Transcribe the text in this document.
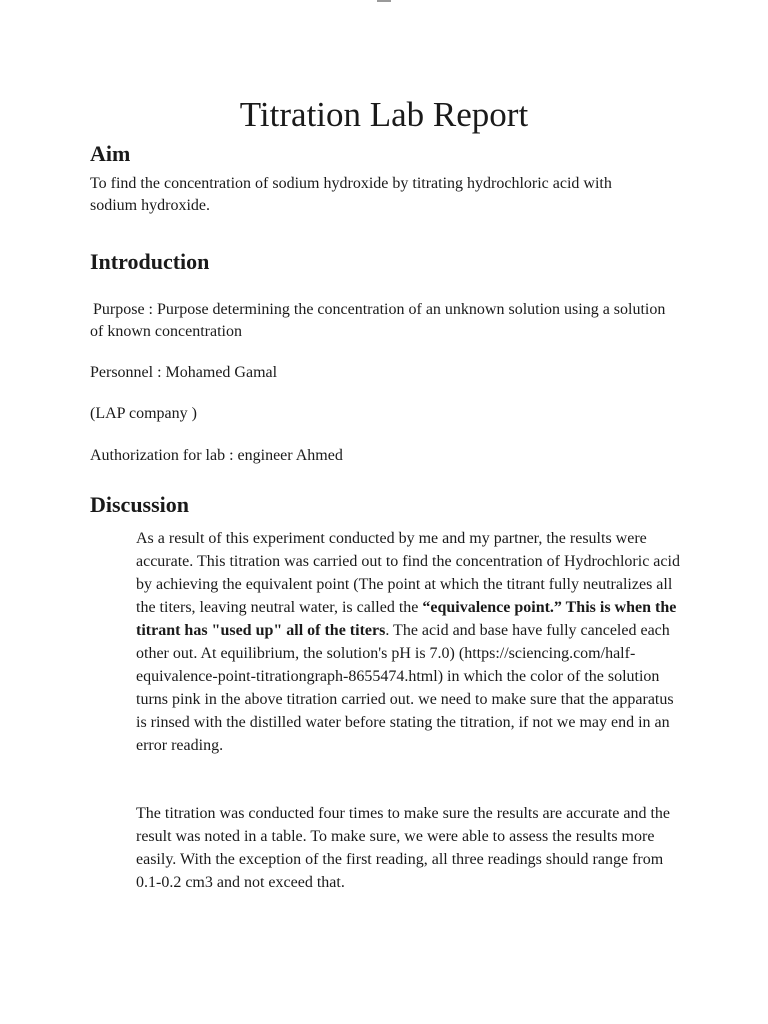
Titration Lab Report
Aim

To find the concentration of sodium hydroxide by titrating hydrochloric acid with sodium hydroxide.

Introduction

Purpose : Purpose determining the concentration of an unknown solution using a solution of known concentration

Personnel : Mohamed Gamal

(LAP company )

Authorization for lab : engineer Ahmed

Discussion

As a result of this experiment conducted by me and my partner, the results were accurate. This titration was carried out to find the concentration of Hydrochloric acid by achieving the equivalent point (The point at which the titrant fully neutralizes all the titers, leaving neutral water, is called the “equivalence point.” This is when the titrant has "used up" all of the titers. The acid and base have fully canceled each other out. At equilibrium, the solution's pH is 7.0) (https://sciencing.com/half-equivalence-point-titrationgraph-8655474.html) in which the color of the solution turns pink in the above titration carried out. we need to make sure that the apparatus is rinsed with the distilled water before stating the titration, if not we may end in an error reading.

The titration was conducted four times to make sure the results are accurate and the result was noted in a table. To make sure, we were able to assess the results more easily. With the exception of the first reading, all three readings should range from 0.1-0.2 cm3 and not exceed that.
